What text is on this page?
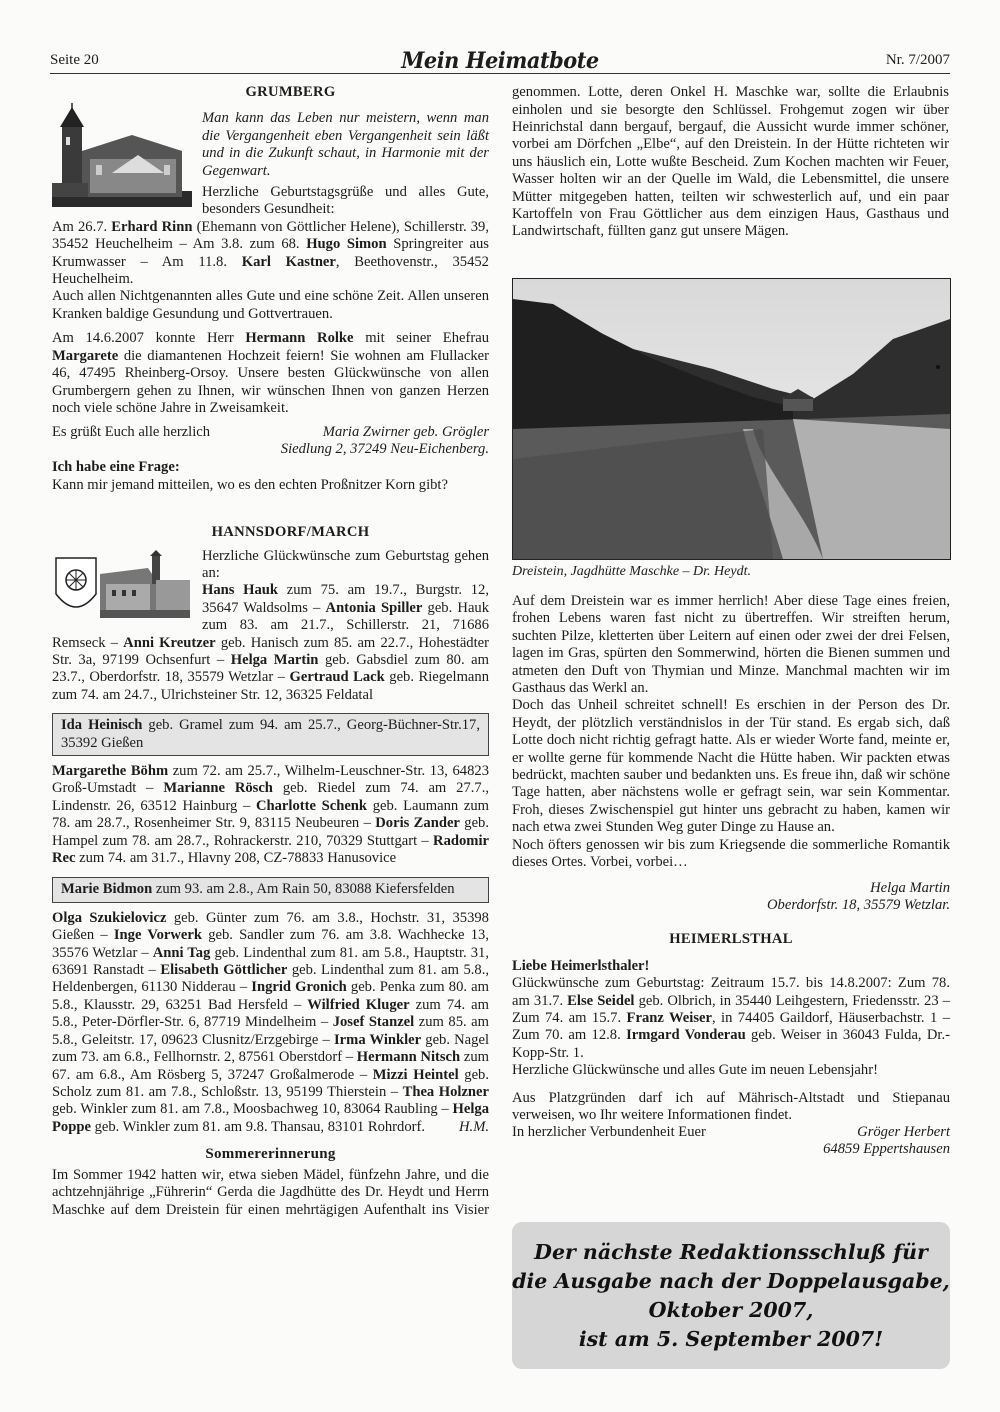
Seite 20	Mein Heimatbote	Nr. 7/2007
GRUMBERG

Man kann das Leben nur meistern, wenn man die Vergangenheit eben Vergangenheit sein läßt und in die Zukunft schaut, in Harmonie mit der Gegenwart.

Herzliche Geburtstagsgrüße und alles Gute, besonders Gesundheit:

Am 26.7. Erhard Rinn (Ehemann von Göttlicher Helene), Schillerstr. 39, 35452 Heuchelheim – Am 3.8. zum 68. Hugo Simon Springreiter aus Krumwasser – Am 11.8. Karl Kastner, Beethovenstr., 35452 Heuchelheim.

Auch allen Nichtgenannten alles Gute und eine schöne Zeit. Allen unseren Kranken baldige Gesundung und Gottvertrauen.

Am 14.6.2007 konnte Herr Hermann Rolke mit seiner Ehefrau Margarete die diamantenen Hochzeit feiern! Sie wohnen am Flullacker 46, 47495 Rheinberg-Orsoy. Unsere besten Glückwünsche von allen Grumbergern gehen zu Ihnen, wir wünschen Ihnen von ganzen Herzen noch viele schöne Jahre in Zweisamkeit.

Es grüßt Euch alle herzlich	Maria Zwirner geb. Grögler
Siedlung 2, 37249 Neu-Eichenberg.

Ich habe eine Frage:

Kann mir jemand mitteilen, wo es den echten Proßnitzer Korn gibt?

HANNSDORF/MARCH

Herzliche Glückwünsche zum Geburtstag gehen an:

Hans Hauk zum 75. am 19.7., Burgstr. 12, 35647 Waldsolms – Antonia Spiller geb. Hauk zum 83. am 21.7., Schillerstr. 21, 71686 Remseck – Anni Kreutzer geb. Hanisch zum 85. am 22.7., Hohestädter Str. 3a, 97199 Ochsenfurt – Helga Martin geb. Gabsdiel zum 80. am 23.7., Oberdorfstr. 18, 35579 Wetzlar – Gertraud Lack geb. Riegelmann zum 74. am 24.7., Ulrichsteiner Str. 12, 36325 Feldatal

Ida Heinisch geb. Gramel zum 94. am 25.7., Georg-Büchner-Str.17, 35392 Gießen

Margarethe Böhm zum 72. am 25.7., Wilhelm-Leuschner-Str. 13, 64823 Groß-Umstadt – Marianne Rösch geb. Riedel zum 74. am 27.7., Lindenstr. 26, 63512 Hainburg – Charlotte Schenk geb. Laumann zum 78. am 28.7., Rosenheimer Str. 9, 83115 Neubeuren – Doris Zander geb. Hampel zum 78. am 28.7., Rohrackerstr. 210, 70329 Stuttgart – Radomir Rec zum 74. am 31.7., Hlavny 208, CZ-78833 Hanusovice

Marie Bidmon zum 93. am 2.8., Am Rain 50, 83088 Kiefersfelden

Olga Szukielovicz geb. Günter zum 76. am 3.8., Hochstr. 31, 35398 Gießen – Inge Vorwerk geb. Sandler zum 76. am 3.8. Wachhecke 13, 35576 Wetzlar – Anni Tag geb. Lindenthal zum 81. am 5.8., Hauptstr. 31, 63691 Ranstadt – Elisabeth Göttlicher geb. Lindenthal zum 81. am 5.8., Heldenbergen, 61130 Nidderau – Ingrid Gronich geb. Penka zum 80. am 5.8., Klausstr. 29, 63251 Bad Hersfeld – Wilfried Kluger zum 74. am 5.8., Peter-Dörfler-Str. 6, 87719 Mindelheim – Josef Stanzel zum 85. am 5.8., Geleitstr. 17, 09623 Clusnitz/Erzgebirge – Irma Winkler geb. Nagel zum 73. am 6.8., Fellhornstr. 2, 87561 Oberstdorf – Hermann Nitsch zum 67. am 6.8., Am Rösberg 5, 37247 Großalmerode – Mizzi Heintel geb. Scholz zum 81. am 7.8., Schloßstr. 13, 95199 Thierstein – Thea Holzner geb. Winkler zum 81. am 7.8., Moosbachweg 10, 83064 Raubling – Helga Poppe geb. Winkler zum 81. am 9.8. Thansau, 83101 Rohrdorf.	H.M.
Sommererinnerung

Im Sommer 1942 hatten wir, etwa sieben Mädel, fünfzehn Jahre, und die achtzehnjährige „Führerin“ Gerda die Jagdhütte des Dr. Heydt und Herrn Maschke auf dem Dreistein für einen mehrtägigen Aufenthalt ins Visier

genommen. Lotte, deren Onkel H. Maschke war, sollte die Erlaubnis einholen und sie besorgte den Schlüssel. Frohgemut zogen wir über Heinrichstal dann bergauf, bergauf, die Aussicht wurde immer schöner, vorbei am Dörfchen „Elbe“, auf den Dreistein. In der Hütte richteten wir uns häuslich ein, Lotte wußte Bescheid. Zum Kochen machten wir Feuer, Wasser holten wir an der Quelle im Wald, die Lebensmittel, die unsere Mütter mitgegeben hatten, teilten wir schwesterlich auf, und ein paar Kartoffeln von Frau Göttlicher aus dem einzigen Haus, Gasthaus und Landwirtschaft, füllten ganz gut unsere Mägen.

Dreistein, Jagdhütte Maschke – Dr. Heydt.

Auf dem Dreistein war es immer herrlich! Aber diese Tage eines freien, frohen Lebens waren fast nicht zu übertreffen. Wir streiften herum, suchten Pilze, kletterten über Leitern auf einen oder zwei der drei Felsen, lagen im Gras, spürten den Sommerwind, hörten die Bienen summen und atmeten den Duft von Thymian und Minze. Manchmal machten wir im Gasthaus das Werkl an.

Doch das Unheil schreitet schnell! Es erschien in der Person des Dr. Heydt, der plötzlich verständnislos in der Tür stand. Es ergab sich, daß Lotte doch nicht richtig gefragt hatte. Als er wieder Worte fand, meinte er, er wollte gerne für kommende Nacht die Hütte haben. Wir packten etwas bedrückt, machten sauber und bedankten uns. Es freue ihn, daß wir schöne Tage hatten, aber nächstens wolle er gefragt sein, war sein Kommentar. Froh, dieses Zwischenspiel gut hinter uns gebracht zu haben, kamen wir nach etwa zwei Stunden Weg guter Dinge zu Hause an.

Noch öfters genossen wir bis zum Kriegsende die sommerliche Romantik dieses Ortes. Vorbei, vorbei…

Helga Martin
Oberdorfstr. 18, 35579 Wetzlar.
HEIMERLSTHAL

Liebe Heimerlsthaler!

Glückwünsche zum Geburtstag: Zeitraum 15.7. bis 14.8.2007: Zum 78. am 31.7. Else Seidel geb. Olbrich, in 35440 Leihgestern, Friedensstr. 23 – Zum 74. am 15.7. Franz Weiser, in 74405 Gaildorf, Häuserbachstr. 1 – Zum 70. am 12.8. Irmgard Vonderau geb. Weiser in 36043 Fulda, Dr.-Kopp-Str. 1.

Herzliche Glückwünsche und alles Gute im neuen Lebensjahr!

Aus Platzgründen darf ich auf Mährisch-Altstadt und Stiepanau verweisen, wo Ihr weitere Informationen findet.

In herzlicher Verbundenheit Euer	Gröger Herbert
64859 Eppertshausen
Der nächste Redaktionsschluß für
die Ausgabe nach der Doppelausgabe,
Oktober 2007,
ist am 5. September 2007!
